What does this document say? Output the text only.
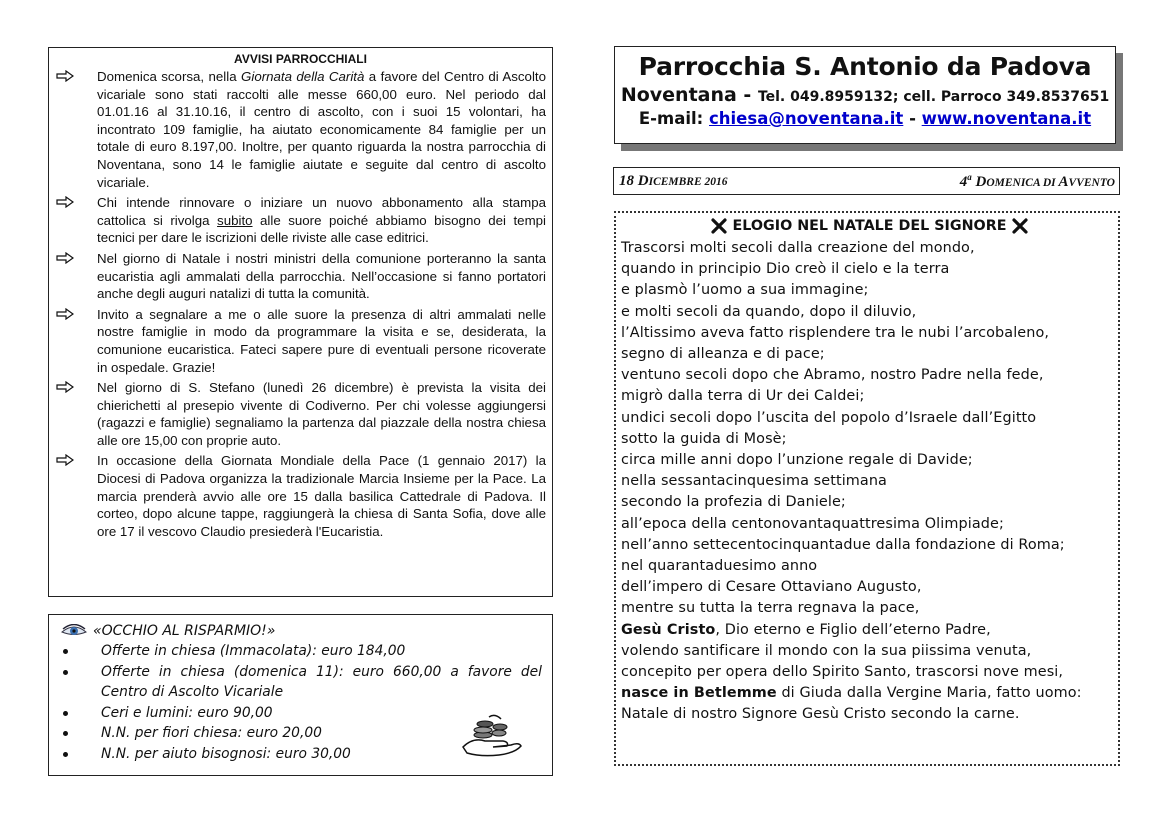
AVVISI PARROCCHIALI
Domenica scorsa, nella Giornata della Carità a favore del Centro di Ascolto vicariale sono stati raccolti alle messe 660,00 euro. Nel periodo dal 01.01.16 al 31.10.16, il centro di ascolto, con i suoi 15 volontari, ha incontrato 109 famiglie, ha aiutato economicamente 84 famiglie per un totale di euro 8.197,00. Inoltre, per quanto riguarda la nostra parrocchia di Noventana, sono 14 le famiglie aiutate e seguite dal centro di ascolto vicariale.
Chi intende rinnovare o iniziare un nuovo abbonamento alla stampa cattolica si rivolga subito alle suore poiché abbiamo bisogno dei tempi tecnici per dare le iscrizioni delle riviste alle case editrici.
Nel giorno di Natale i nostri ministri della comunione porteranno la santa eucaristia agli ammalati della parrocchia. Nell’occasione si fanno portatori anche degli auguri natalizi di tutta la comunità.
Invito a segnalare a me o alle suore la presenza di altri ammalati nelle nostre famiglie in modo da programmare la visita e se, desiderata, la comunione eucaristica. Fateci sapere pure di eventuali persone ricoverate in ospedale. Grazie!
Nel giorno di S. Stefano (lunedì 26 dicembre) è prevista la visita dei chierichetti al presepio vivente di Codiverno. Per chi volesse aggiungersi (ragazzi e famiglie) segnaliamo la partenza dal piazzale della nostra chiesa alle ore 15,00 con proprie auto.
In occasione della Giornata Mondiale della Pace (1 gennaio 2017) la Diocesi di Padova organizza la tradizionale Marcia Insieme per la Pace. La marcia prenderà avvio alle ore 15 dalla basilica Cattedrale di Padova. Il corteo, dopo alcune tappe, raggiungerà la chiesa di Santa Sofia, dove alle ore 17 il vescovo Claudio presiederà l'Eucaristia.
«OCCHIO AL RISPARMIO!»
Offerte in chiesa (Immacolata): euro 184,00
Offerte in chiesa (domenica 11): euro 660,00 a favore del Centro di Ascolto Vicariale
Ceri e lumini: euro 90,00
N.N. per fiori chiesa: euro 20,00
N.N. per aiuto bisognosi: euro 30,00
Parrocchia S. Antonio da Padova
Noventana - Tel. 049.8959132; cell. Parroco 349.8537651
E-mail: chiesa@noventana.it - www.noventana.it
18 DICEMBRE 2016	4$^a$ DOMENICA DI AVVENTO
ELOGIO NEL NATALE DEL SIGNORE
Trascorsi molti secoli dalla creazione del mondo,
quando in principio Dio creò il cielo e la terra
e plasmò l’uomo a sua immagine;
e molti secoli da quando, dopo il diluvio,
l’Altissimo aveva fatto risplendere tra le nubi l’arcobaleno,
segno di alleanza e di pace;
ventuno secoli dopo che Abramo, nostro Padre nella fede,
migrò dalla terra di Ur dei Caldei;
undici secoli dopo l’uscita del popolo d’Israele dall’Egitto
sotto la guida di Mosè;
circa mille anni dopo l’unzione regale di Davide;
nella sessantacinquesima settimana
secondo la profezia di Daniele;
all’epoca della centonovantaquattresima Olimpiade;
nell’anno settecentocinquantadue dalla fondazione di Roma;
nel quarantaduesimo anno
dell’impero di Cesare Ottaviano Augusto,
mentre su tutta la terra regnava la pace,
Gesù Cristo, Dio eterno e Figlio dell’eterno Padre,
volendo santificare il mondo con la sua piissima venuta,
concepito per opera dello Spirito Santo, trascorsi nove mesi,
nasce in Betlemme di Giuda dalla Vergine Maria, fatto uomo:
Natale di nostro Signore Gesù Cristo secondo la carne.
